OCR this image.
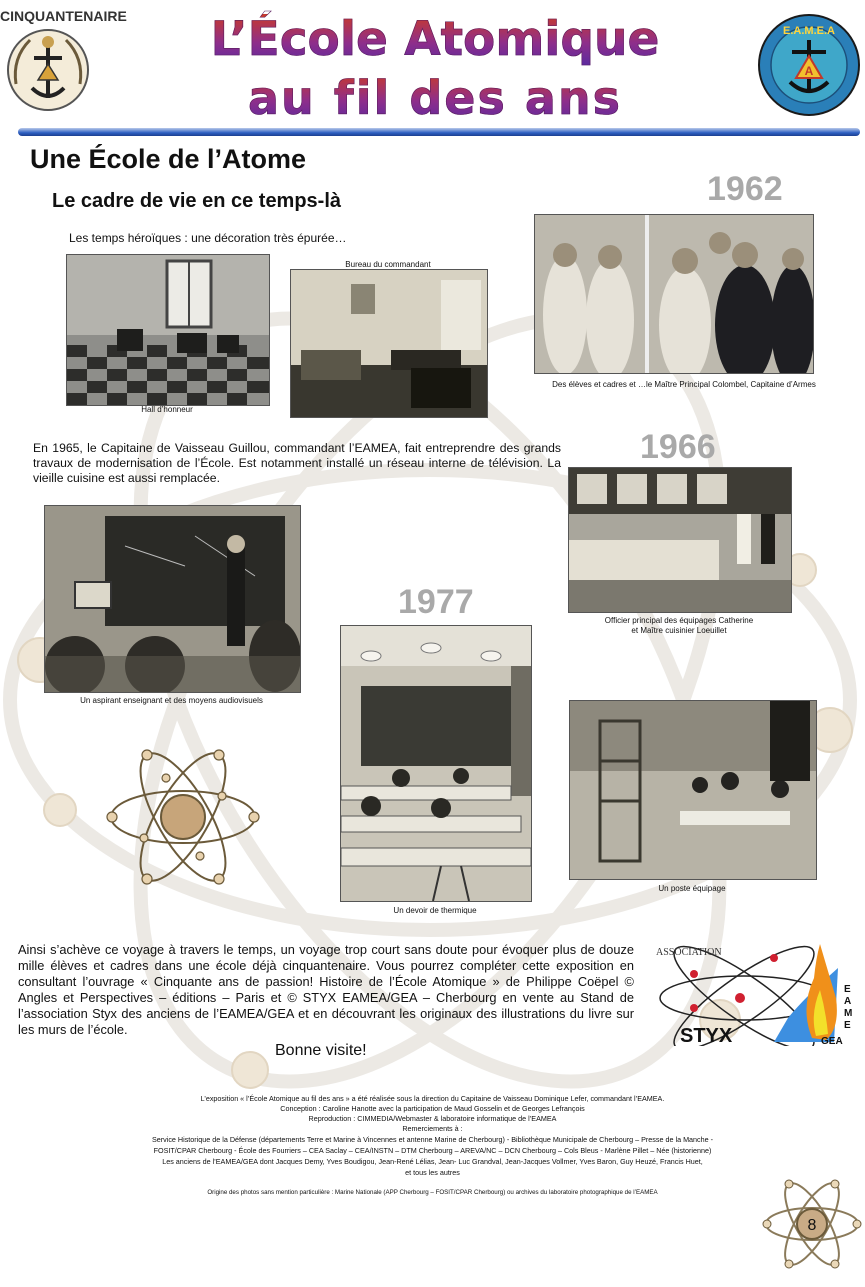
CINQUANTENAIRE	L’École Atomique
au fil des ans	A
E.A.M.E.A
Une École de l’Atome
Le cadre de vie en ce temps-là	1962
Les temps héroïques : une décoration très épurée…
Hall d’honneur
Bureau du commandant
Des élèves et cadres et …le Maître Principal Colombel, Capitaine d’Armes
En 1965, le Capitaine de Vaisseau Guillou, commandant l’EAMEA, fait entreprendre des grands travaux de modernisation de l’École. Est notamment installé un réseau interne de télévision. La vieille cuisine est aussi remplacée.
1966
Officier principal des équipages Catherine
et Maître cuisinier Loeuillet
Un aspirant enseignant et des moyens audiovisuels
1977
Un devoir de thermique
Un poste équipage
Ainsi s’achève ce voyage à travers le temps, un voyage trop court sans doute pour évoquer plus de douze mille élèves et cadres dans une école déjà cinquantenaire. Vous pourrez compléter cette exposition en consultant l’ouvrage « Cinquante ans de passion! Histoire de l’École Atomique » de Philippe Coëpel © Angles et Perspectives – éditions – Paris et © STYX EAMEA/GEA – Cherbourg en vente au Stand de l’association Styx des anciens de l’EAMEA/GEA et en découvrant les originaux des illustrations du livre sur les murs de l’école.
Bonne visite!
ASSOCIATION
STYX
E
A
M
E
GEA
L’exposition « l’École Atomique au fil des ans » a été réalisée sous la direction du Capitaine de Vaisseau Dominique Lefer, commandant l’EAMEA.
Conception : Caroline Hanotte avec la participation de Maud Gosselin et de Georges Lefrançois
Reproduction : CIMMEDIA/Webmaster & laboratoire informatique de l’EAMEA
Remerciements à :
Service Historique de la Défense (départements Terre et Marine à Vincennes et antenne Marine de Cherbourg) - Bibliothèque Municipale de Cherbourg – Presse de la Manche -
FOSIT/CPAR Cherbourg - École des Fourriers – CEA Saclay – CEA/INSTN – DTM Cherbourg – AREVA/NC – DCN Cherbourg – Cols Bleus - Marlène Pillet – Née (historienne)
Les anciens de l’EAMEA/GEA dont Jacques Demy, Yves Boudigou, Jean-René Lélias, Jean- Luc Grandval, Jean-Jacques Vollmer, Yves Baron, Guy Heuzé, Francis Huet,
et tous les autres
Origine des photos sans mention particulière : Marine Nationale (APP Cherbourg – FOSIT/CPAR Cherbourg) ou archives du laboratoire photographique de l’EAMEA
8
